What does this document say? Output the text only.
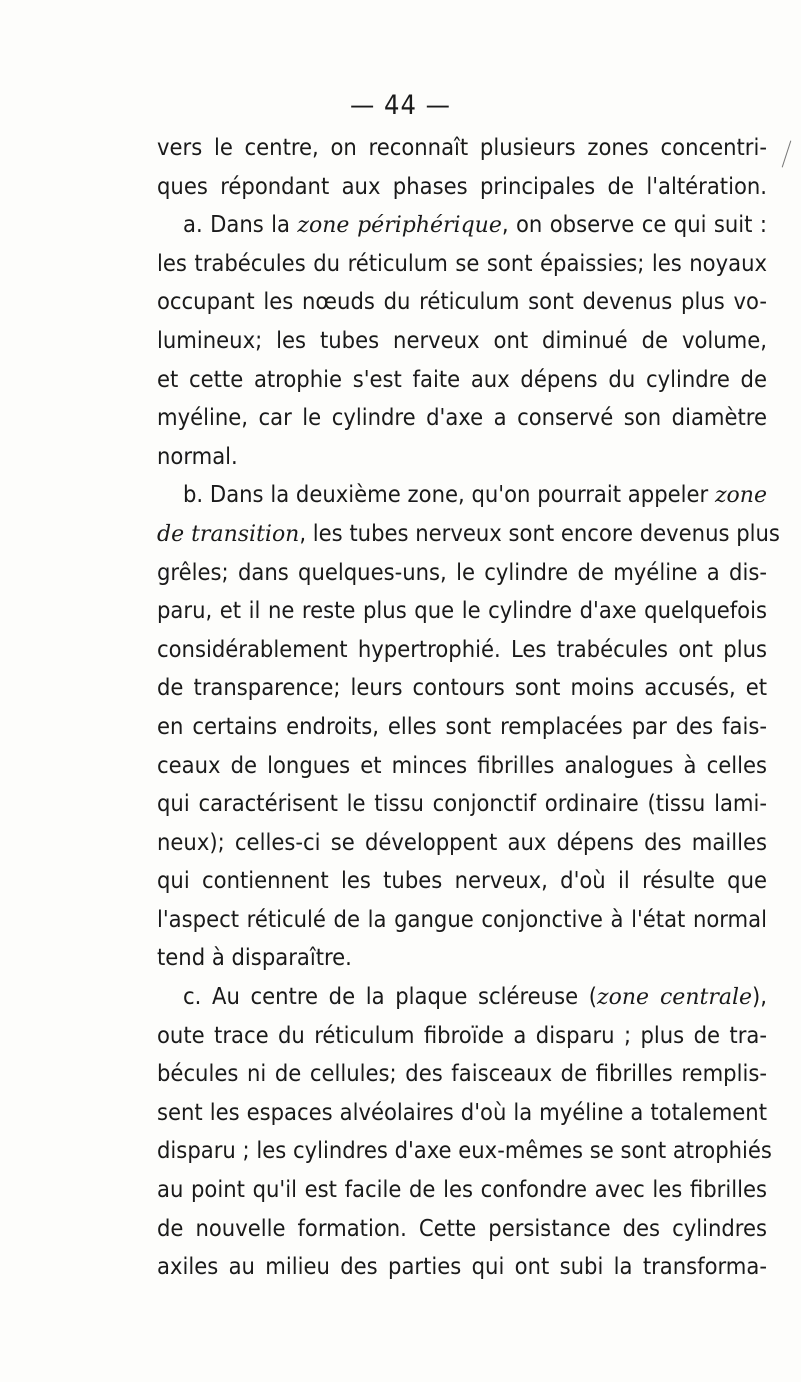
— 44 —
vers le centre, on reconnaît plusieurs zones concentri-
ques répondant aux phases principales de l'altération.
a. Dans la zone périphérique, on observe ce qui suit :
les trabécules du réticulum se sont épaissies; les noyaux
occupant les nœuds du réticulum sont devenus plus vo-
lumineux; les tubes nerveux ont diminué de volume,
et cette atrophie s'est faite aux dépens du cylindre de
myéline, car le cylindre d'axe a conservé son diamètre
normal.
b. Dans la deuxième zone, qu'on pourrait appeler zone
de transition, les tubes nerveux sont encore devenus plus
grêles; dans quelques-uns, le cylindre de myéline a dis-
paru, et il ne reste plus que le cylindre d'axe quelquefois
considérablement hypertrophié. Les trabécules ont plus
de transparence; leurs contours sont moins accusés, et
en certains endroits, elles sont remplacées par des fais-
ceaux de longues et minces fibrilles analogues à celles
qui caractérisent le tissu conjonctif ordinaire (tissu lami-
neux); celles-ci se développent aux dépens des mailles
qui contiennent les tubes nerveux, d'où il résulte que
l'aspect réticulé de la gangue conjonctive à l'état normal
tend à disparaître.
c. Au centre de la plaque scléreuse (zone centrale),
oute trace du réticulum fibroïde a disparu ; plus de tra-
bécules ni de cellules; des faisceaux de fibrilles remplis-
sent les espaces alvéolaires d'où la myéline a totalement
disparu ; les cylindres d'axe eux-mêmes se sont atrophiés
au point qu'il est facile de les confondre avec les fibrilles
de nouvelle formation. Cette persistance des cylindres
axiles au milieu des parties qui ont subi la transforma-
